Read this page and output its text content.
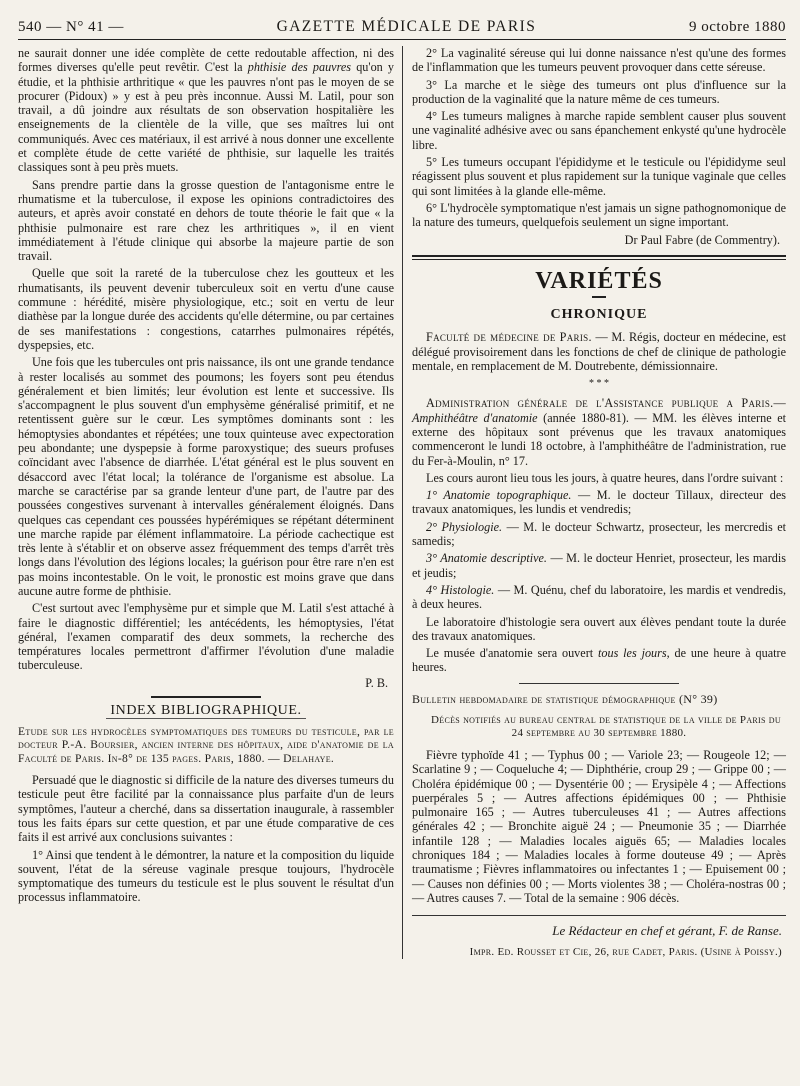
540 — N° 41 —	GAZETTE MÉDICALE DE PARIS	9 octobre 1880

ne saurait donner une idée complète de cette redoutable affection, ni des formes diverses qu'elle peut revêtir. C'est la phthisie des pauvres qu'on y étudie, et la phthisie arthritique « que les pauvres n'ont pas le moyen de se procurer (Pidoux) » y est à peu près inconnue. Aussi M. Latil, pour son travail, a dû joindre aux résultats de son observation hospitalière les enseignements de la clientèle de la ville, que ses maîtres lui ont communiqués. Avec ces matériaux, il est arrivé à nous donner une excellente et complète étude de cette variété de phthisie, sur laquelle les traités classiques sont à peu près muets.

Sans prendre partie dans la grosse question de l'antagonisme entre le rhumatisme et la tuberculose, il expose les opinions contradictoires des auteurs, et après avoir constaté en dehors de toute théorie le fait que « la phthisie pulmonaire est rare chez les arthritiques », il en vient immédiatement à l'étude clinique qui absorbe la majeure partie de son travail.

Quelle que soit la rareté de la tuberculose chez les goutteux et les rhumatisants, ils peuvent devenir tuberculeux soit en vertu d'une cause commune : hérédité, misère physiologique, etc.; soit en vertu de leur diathèse par la longue durée des accidents qu'elle détermine, ou par certaines de ses manifestations : congestions, catarrhes pulmonaires répétés, dyspepsies, etc.

Une fois que les tubercules ont pris naissance, ils ont une grande tendance à rester localisés au sommet des poumons; les foyers sont peu étendus généralement et bien limités; leur évolution est lente et successive. Ils s'accompagnent le plus souvent d'un emphysème généralisé primitif, et ne retentissent guère sur le cœur. Les symptômes dominants sont : les hémoptysies abondantes et répétées; une toux quinteuse avec expectoration peu abondante; une dyspepsie à forme paroxystique; des sueurs profuses coïncidant avec l'absence de diarrhée. L'état général est le plus souvent en désaccord avec l'état local; la tolérance de l'organisme est absolue. La marche se caractérise par sa grande lenteur d'une part, de l'autre par des poussées congestives survenant à intervalles généralement éloignés. Dans quelques cas cependant ces poussées hypérémiques se répétant déterminent une marche rapide par élément inflammatoire. La période cachectique est très lente à s'établir et on observe assez fréquemment des temps d'arrêt très longs dans l'évolution des légions locales; la guérison pour être rare n'en est pas moins incontestable. On le voit, le pronostic est moins grave que dans aucune autre forme de phthisie.

C'est surtout avec l'emphysème pur et simple que M. Latil s'est attaché à faire le diagnostic différentiel; les antécédents, les hémoptysies, l'état général, l'examen comparatif des deux sommets, la recherche des températures locales permettront d'affirmer l'évolution d'une maladie tuberculeuse.

P. B.
INDEX BIBLIOGRAPHIQUE.

Etude sur les hydrocèles symptomatiques des tumeurs du testicule, par le docteur P.-A. Boursier, ancien interne des hôpitaux, aide d'anatomie de la Faculté de Paris. In-8° de 135 pages. Paris, 1880. — Delahaye.

Persuadé que le diagnostic si difficile de la nature des diverses tumeurs du testicule peut être facilité par la connaissance plus parfaite d'un de leurs symptômes, l'auteur a cherché, dans sa dissertation inaugurale, à rassembler tous les faits épars sur cette question, et par une étude comparative de ces faits il est arrivé aux conclusions suivantes :

1° Ainsi que tendent à le démontrer, la nature et la composition du liquide souvent, l'état de la séreuse vaginale presque toujours, l'hydrocèle symptomatique des tumeurs du testicule est le plus souvent le résultat d'un processus inflammatoire.

2° La vaginalité séreuse qui lui donne naissance n'est qu'une des formes de l'inflammation que les tumeurs peuvent provoquer dans cette séreuse.

3° La marche et le siège des tumeurs ont plus d'influence sur la production de la vaginalité que la nature même de ces tumeurs.

4° Les tumeurs malignes à marche rapide semblent causer plus souvent une vaginalité adhésive avec ou sans épanchement enkysté qu'une hydrocèle libre.

5° Les tumeurs occupant l'épididyme et le testicule ou l'épididyme seul réagissent plus souvent et plus rapidement sur la tunique vaginale que celles qui sont limitées à la glande elle-même.

6° L'hydrocèle symptomatique n'est jamais un signe pathognomonique de la nature des tumeurs, quelquefois seulement un signe important.

Dr Paul Fabre (de Commentry).
VARIÉTÉS
CHRONIQUE

Faculté de médecine de Paris. — M. Régis, docteur en médecine, est délégué provisoirement dans les fonctions de chef de clinique de pathologie mentale, en remplacement de M. Doutrebente, démissionnaire.

* * *

Administration générale de l'Assistance publique a Paris.— Amphithéâtre d'anatomie (année 1880-81). — MM. les élèves interne et externe des hôpitaux sont prévenus que les travaux anatomiques commenceront le lundi 18 octobre, à l'amphithéâtre de l'administration, rue du Fer-à-Moulin, n° 17.

Les cours auront lieu tous les jours, à quatre heures, dans l'ordre suivant :

1° Anatomie topographique. — M. le docteur Tillaux, directeur des travaux anatomiques, les lundis et vendredis;

2° Physiologie. — M. le docteur Schwartz, prosecteur, les mercredis et samedis;

3° Anatomie descriptive. — M. le docteur Henriet, prosecteur, les mardis et jeudis;

4° Histologie. — M. Quénu, chef du laboratoire, les mardis et vendredis, à deux heures.

Le laboratoire d'histologie sera ouvert aux élèves pendant toute la durée des travaux anatomiques.

Le musée d'anatomie sera ouvert tous les jours, de une heure à quatre heures.

Bulletin hebdomadaire de statistique démographique (N° 39)

Décès notifiés au bureau central de statistique de la ville de Paris du 24 septembre au 30 septembre 1880.

Fièvre typhoïde 41 ; — Typhus 00 ; — Variole 23; — Rougeole 12; — Scarlatine 9 ; — Coqueluche 4; — Diphthérie, croup 29 ; — Grippe 00 ; — Choléra épidémique 00 ; — Dysentérie 00 ; — Erysipèle 4 ; — Affections puerpérales 5 ; — Autres affections épidémiques 00 ; — Phthisie pulmonaire 165 ; — Autres tuberculeuses 41 ; — Autres affections générales 42 ; — Bronchite aiguë 24 ; — Pneumonie 35 ; — Diarrhée infantile 128 ; — Maladies locales aiguës 65; — Maladies locales chroniques 184 ; — Maladies locales à forme douteuse 49 ; — Après traumatisme ; Fièvres inflammatoires ou infectantes 1 ; — Epuisement 00 ; — Causes non définies 00 ; — Morts violentes 38 ; — Choléra-nostras 00 ; — Autres causes 7. — Total de la semaine : 906 décès.

Le Rédacteur en chef et gérant, F. de Ranse.
Impr. Ed. Rousset et Cie, 26, rue Cadet, Paris. (Usine à Poissy.)
